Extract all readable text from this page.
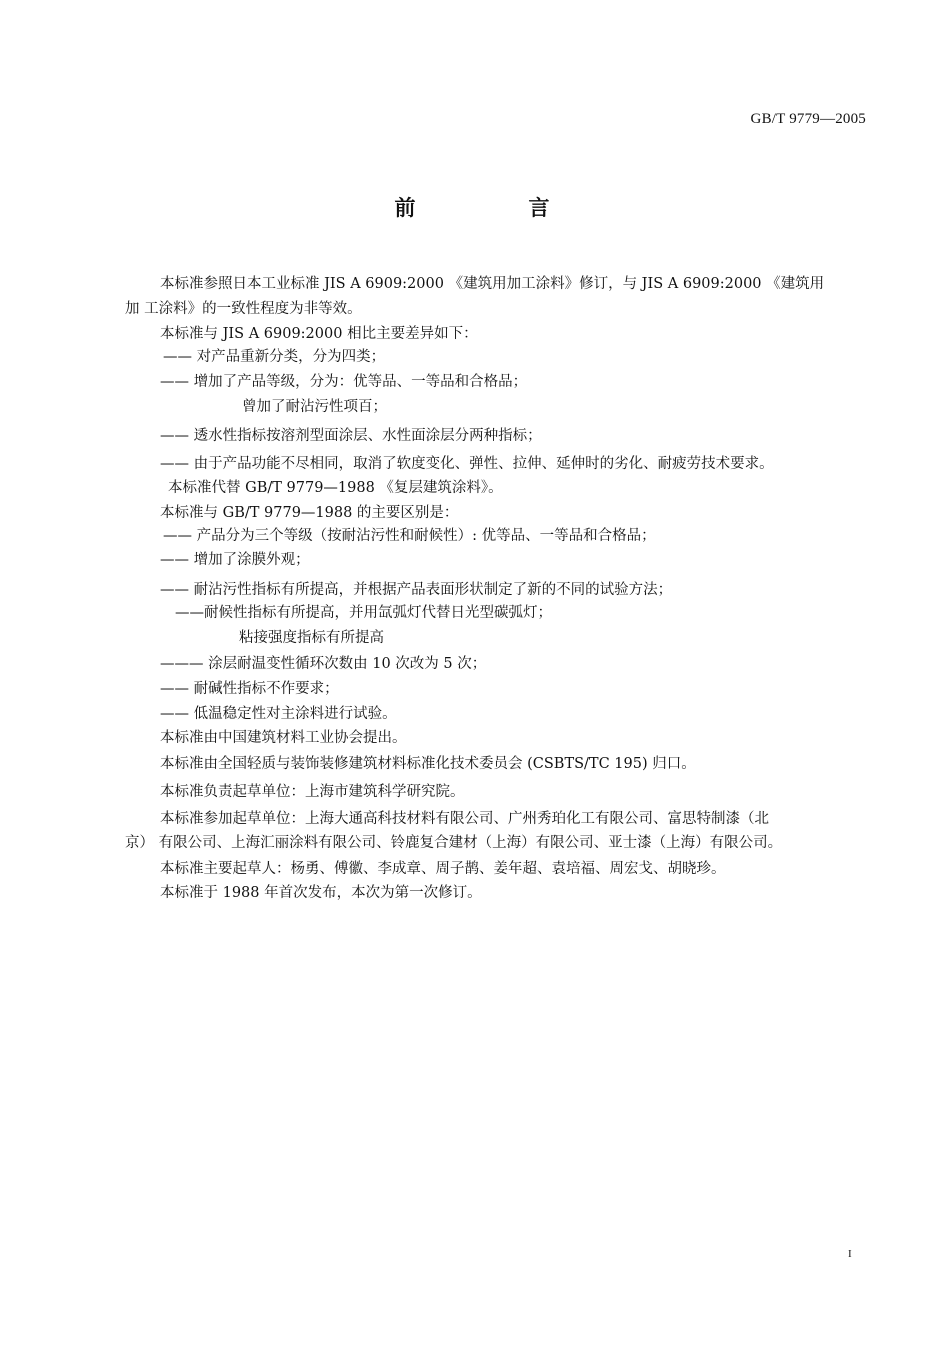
GB/T 9779—2005
前　言
本标准参照日本工业标准 JIS A 6909:2000 《建筑用加工涂料》修订，与 JIS A 6909:2000 《建筑用
加 工涂料》的一致性程度为非等效。
本标准与 JIS A 6909:2000 相比主要差异如下：
—— 对产品重新分类，分为四类；
—— 增加了产品等级，分为：优等品、一等品和合格品；
曾加了耐沾污性项百；
—— 透水性指标按溶剂型面涂层、水性面涂层分两种指标；
—— 由于产品功能不尽相同，取消了软度变化、弹性、拉伸、延伸时的劣化、耐疲劳技术要求。
本标准代替 GB/T 9779—1988 《复层建筑涂料》。
本标准与 GB/T 9779—1988 的主要区别是：
—— 产品分为三个等级（按耐沾污性和耐候性）: 优等品、一等品和合格品；
—— 增加了涂膜外观；
—— 耐沾污性指标有所提高，并根据产品表面形状制定了新的不同的试验方法；
——耐候性指标有所提高，并用氙弧灯代替日光型碳弧灯；
粘接强度指标有所提高
——— 涂层耐温变性循环次数由 10 次改为 5 次；
—— 耐碱性指标不作要求；
—— 低温稳定性对主涂料进行试验。
本标准由中国建筑材料工业协会提出。
本标准由全国轻质与装饰装修建筑材料标准化技术委员会 (CSBTS/TC 195) 归口。
本标准负责起草单位：上海市建筑科学研究院。
本标准参加起草单位：上海大通高科技材料有限公司、广州秀珀化工有限公司、富思特制漆（北
京） 有限公司、上海汇丽涂料有限公司、铃鹿复合建材（上海）有限公司、亚士漆（上海）有限公司。
本标准主要起草人：杨勇、傅徽、李成章、周子鹊、姜年超、袁培福、周宏戈、胡晓珍。
本标准于 1988 年首次发布，本次为第一次修订。
I
